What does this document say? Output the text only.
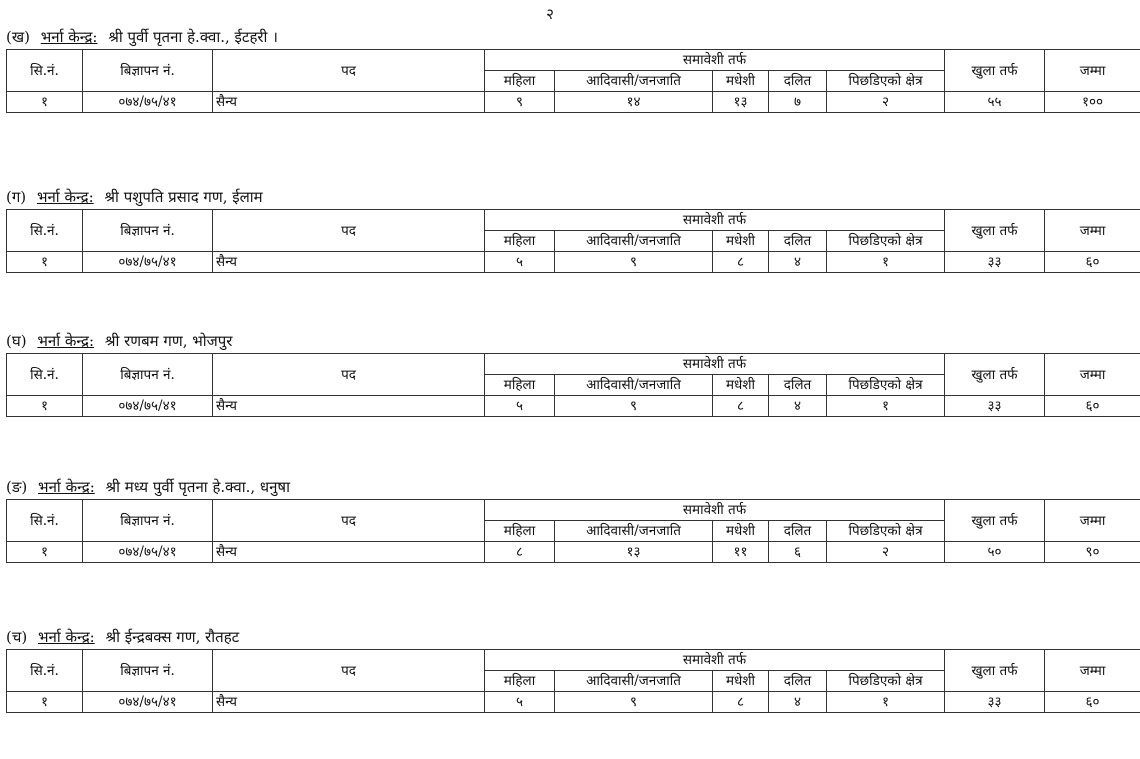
२
(ख) भर्ना केन्द्र: श्री पुर्वी पृतना हे.क्वा., ईटहरी ।
सि.नं.	बिज्ञापन नं.	पद	समावेशी तर्फ					खुला तर्फ	जम्मा
			महिला	आदिवासी/जनजाति	मधेशी	दलित	पिछडिएको क्षेत्र		
१	०७४/७५/४१	सैन्य	९	१४	१३	७	२	५५	१००
(ग) भर्ना केन्द्र: श्री पशुपति प्रसाद गण, ईलाम
सि.नं.	बिज्ञापन नं.	पद	समावेशी तर्फ					खुला तर्फ	जम्मा
			महिला	आदिवासी/जनजाति	मधेशी	दलित	पिछडिएको क्षेत्र		
१	०७४/७५/४१	सैन्य	५	९	८	४	१	३३	६०
(घ) भर्ना केन्द्र: श्री रणबम गण, भोजपुर
सि.नं.	बिज्ञापन नं.	पद	समावेशी तर्फ					खुला तर्फ	जम्मा
			महिला	आदिवासी/जनजाति	मधेशी	दलित	पिछडिएको क्षेत्र		
१	०७४/७५/४१	सैन्य	५	९	८	४	१	३३	६०
(ङ) भर्ना केन्द्र: श्री मध्य पुर्वी पृतना हे.क्वा., धनुषा
सि.नं.	बिज्ञापन नं.	पद	समावेशी तर्फ					खुला तर्फ	जम्मा
			महिला	आदिवासी/जनजाति	मधेशी	दलित	पिछडिएको क्षेत्र		
१	०७४/७५/४१	सैन्य	८	१३	११	६	२	५०	९०
(च) भर्ना केन्द्र: श्री ईन्द्रबक्स गण, रौतहट
सि.नं.	बिज्ञापन नं.	पद	समावेशी तर्फ					खुला तर्फ	जम्मा
			महिला	आदिवासी/जनजाति	मधेशी	दलित	पिछडिएको क्षेत्र		
१	०७४/७५/४१	सैन्य	५	९	८	४	१	३३	६०
